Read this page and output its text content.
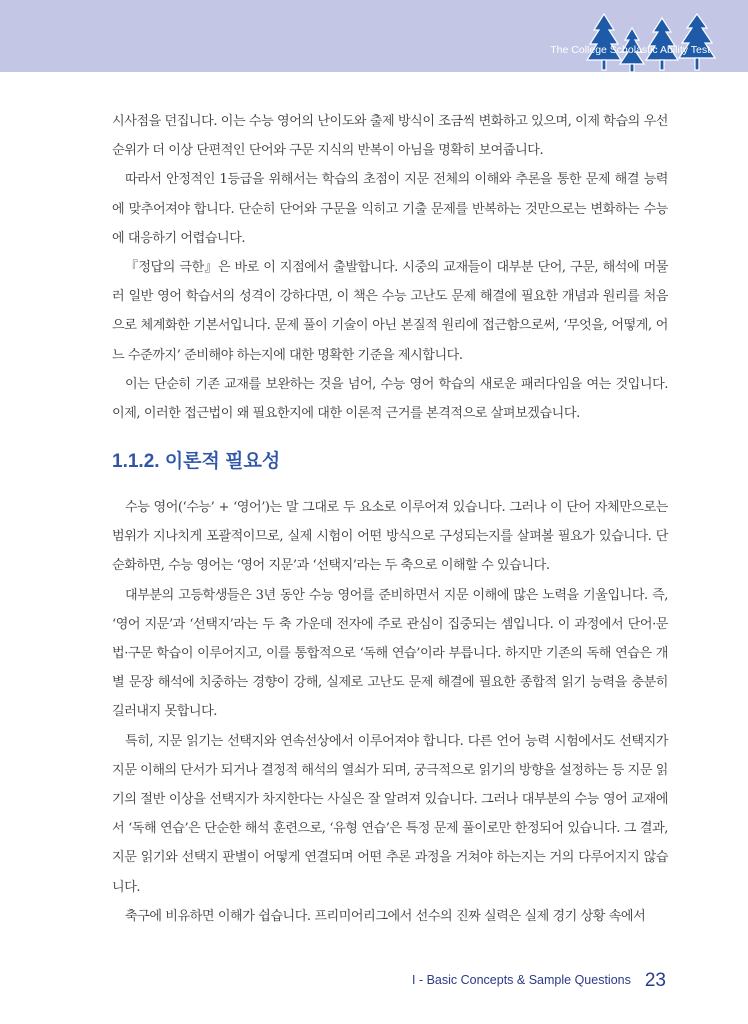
The College Scholastic Ability Test

시사점을 던집니다. 이는 수능 영어의 난이도와 출제 방식이 조금씩 변화하고 있으며, 이제 학습의 우선순위가 더 이상 단편적인 단어와 구문 지식의 반복이 아님을 명확히 보여줍니다.

따라서 안정적인 1등급을 위해서는 학습의 초점이 지문 전체의 이해와 추론을 통한 문제 해결 능력에 맞추어져야 합니다. 단순히 단어와 구문을 익히고 기출 문제를 반복하는 것만으로는 변화하는 수능에 대응하기 어렵습니다.

『정답의 극한』은 바로 이 지점에서 출발합니다. 시중의 교재들이 대부분 단어, 구문, 해석에 머물러 일반 영어 학습서의 성격이 강하다면, 이 책은 수능 고난도 문제 해결에 필요한 개념과 원리를 처음으로 체계화한 기본서입니다. 문제 풀이 기술이 아닌 본질적 원리에 접근함으로써, ‘무엇을, 어떻게, 어느 수준까지’ 준비해야 하는지에 대한 명확한 기준을 제시합니다.

이는 단순히 기존 교재를 보완하는 것을 넘어, 수능 영어 학습의 새로운 패러다임을 여는 것입니다. 이제, 이러한 접근법이 왜 필요한지에 대한 이론적 근거를 본격적으로 살펴보겠습니다.

1.1.2. 이론적 필요성

수능 영어(‘수능’ + ‘영어’)는 말 그대로 두 요소로 이루어져 있습니다. 그러나 이 단어 자체만으로는 범위가 지나치게 포괄적이므로, 실제 시험이 어떤 방식으로 구성되는지를 살펴볼 필요가 있습니다. 단순화하면, 수능 영어는 ‘영어 지문’과 ‘선택지’라는 두 축으로 이해할 수 있습니다.

대부분의 고등학생들은 3년 동안 수능 영어를 준비하면서 지문 이해에 많은 노력을 기울입니다. 즉, ‘영어 지문’과 ‘선택지’라는 두 축 가운데 전자에 주로 관심이 집중되는 셈입니다. 이 과정에서 단어·문법·구문 학습이 이루어지고, 이를 통합적으로 ‘독해 연습’이라 부릅니다. 하지만 기존의 독해 연습은 개별 문장 해석에 치중하는 경향이 강해, 실제로 고난도 문제 해결에 필요한 종합적 읽기 능력을 충분히 길러내지 못합니다.

특히, 지문 읽기는 선택지와 연속선상에서 이루어져야 합니다. 다른 언어 능력 시험에서도 선택지가 지문 이해의 단서가 되거나 결정적 해석의 열쇠가 되며, 궁극적으로 읽기의 방향을 설정하는 등 지문 읽기의 절반 이상을 선택지가 차지한다는 사실은 잘 알려져 있습니다. 그러나 대부분의 수능 영어 교재에서 ‘독해 연습’은 단순한 해석 훈련으로, ‘유형 연습’은 특정 문제 풀이로만 한정되어 있습니다. 그 결과, 지문 읽기와 선택지 판별이 어떻게 연결되며 어떤 추론 과정을 거쳐야 하는지는 거의 다루어지지 않습니다.

축구에 비유하면 이해가 쉽습니다. 프리미어리그에서 선수의 진짜 실력은 실제 경기 상황 속에서

I - Basic Concepts & Sample Questions 23
